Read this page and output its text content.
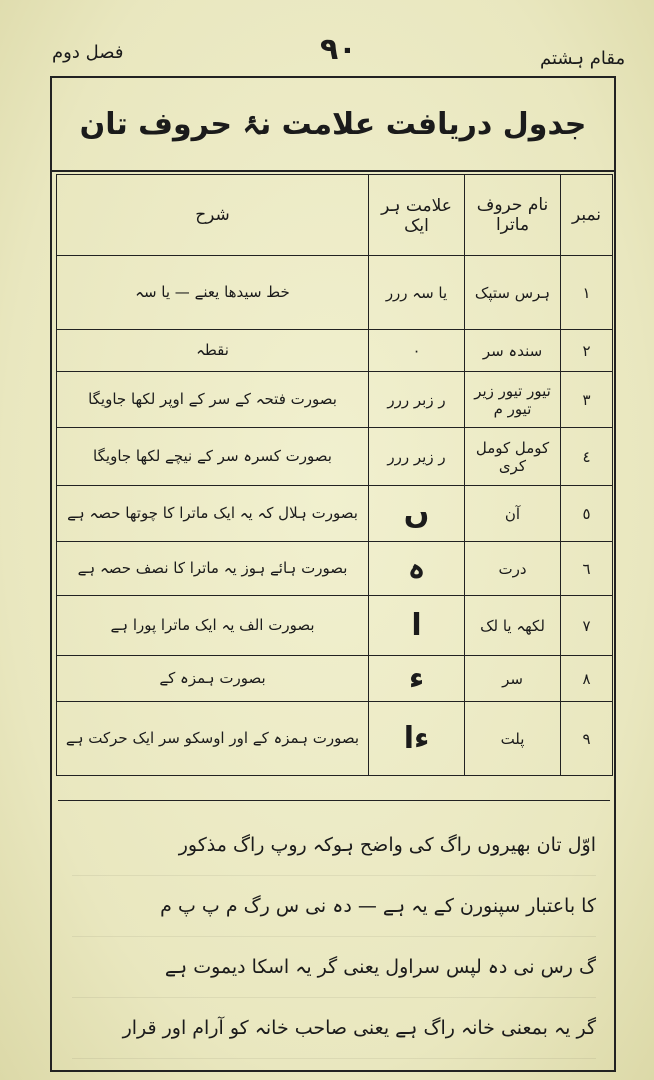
فصل دوم	۹۰	مقام ہشتم
جدول دریافت علامت نۂ حروف تان
نمبر	نام حروف ماترا	علامت ہر ایک	شرح
١	ہرس ستپک	یا سہ ررر	خط سیدھا یعنے — یا سہ
٢	سندہ سر	۰	نقطہ
٣	تیور تیور زیر تیور م	ر زبر ررر	بصورت فتحہ کے سر کے اوپر لکھا جاویگا
٤	کومل کومل کری	ر زیر ررر	بصورت کسرہ سر کے نیچے لکھا جاویگا
٥	آن	ں	بصورت ہلال کہ یہ ایک ماترا کا چوتھا حصہ ہے
٦	درت	ہ	بصورت ہائے ہوز یہ ماترا کا نصف حصہ ہے
٧	لکھہ یا لک	ا	بصورت الف یہ ایک ماترا پورا ہے
٨	سر	ء	بصورت ہمزہ کے
٩	پلت	ءا	بصورت ہمزہ کے اور اوسکو سر ایک حرکت ہے

اوّل تان بھیروں راگ کی واضح ہوکہ روپ راگ مذکور

کا باعتبار سپنورن کے یہ ہے — دہ نی س رگ م پ پ م

گ رس نی دہ لپس سراول یعنی گر یہ اسکا دیموت ہے

گر یہ بمعنی خانہ راگ ہے یعنی صاحب خانہ کو آرام اور قرار
